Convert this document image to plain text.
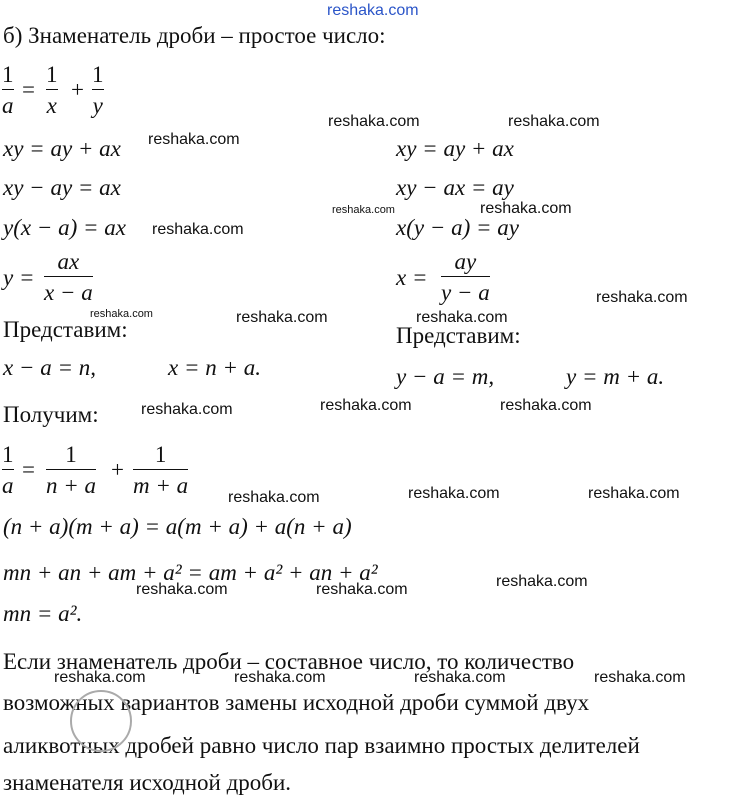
reshaka.com
б) Знаменатель дроби – простое число:
1
a
=
1
x
+
1
y
xy = ay + ax
xy − ay = ax
y(x − a) = ax
y =
ax
x − a
Представим:
x − a = n,	x = n + a.
xy = ay + ax
xy − ax = ay
x(y − a) = ay
x =
ay
y − a
Представим:
y − a = m,	y = m + a.
Получим:
1
a
=
1
n + a
+
1
m + a
(n + a)(m + a) = a(m + a) + a(n + a)
mn + an + am + a² = am + a² + an + a²
mn = a².
Если знаменатель дроби – составное число, то количество
возможных вариантов замены исходной дроби суммой двух
аликвотных дробей равно число пар взаимно простых делителей
знаменателя исходной дроби.
reshaka.com
reshaka.com	reshaka.com
reshaka.com
reshaka.com	reshaka.com
reshaka.com	reshaka.com	reshaka.com
reshaka.com
reshaka.com	reshaka.com	reshaka.com
reshaka.com	reshaka.com	reshaka.com
reshaka.com	reshaka.com	reshaka.com
reshaka.com	reshaka.com	reshaka.com	reshaka.com
